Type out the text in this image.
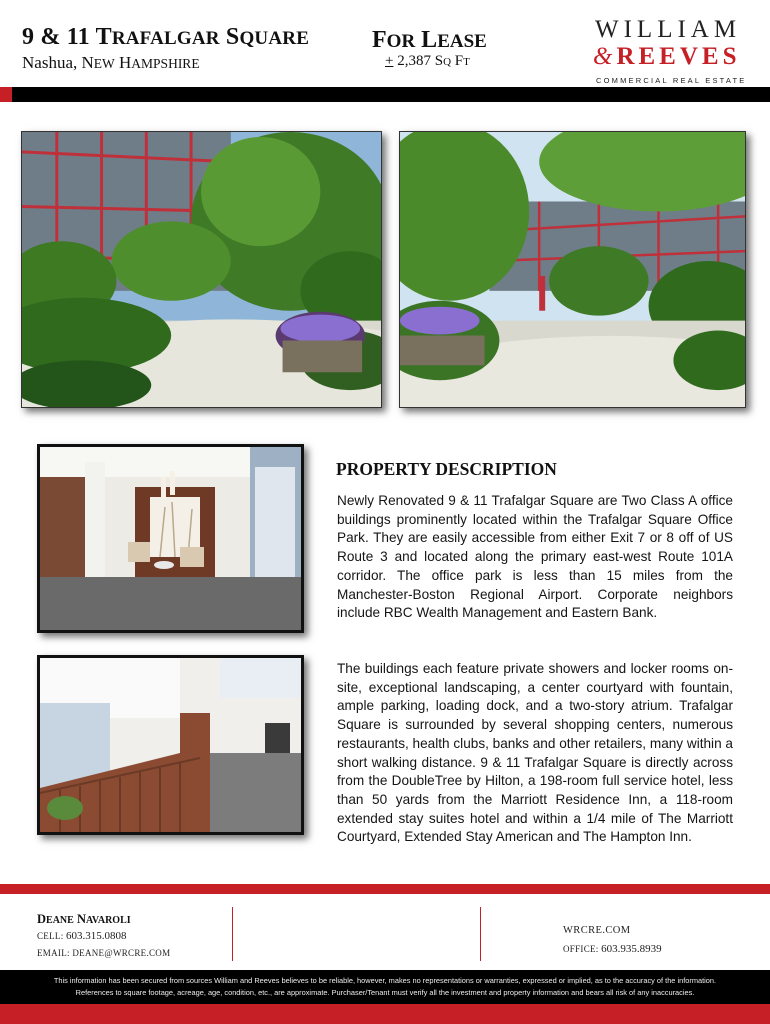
9 & 11 TRAFALGAR SQUARE
Nashua, NEW HAMPSHIRE
FOR LEASE
+ 2,387 SQ FT
WILLIAM
&REEVES
COMMERCIAL REAL ESTATE
PROPERTY DESCRIPTION

Newly Renovated 9 & 11 Trafalgar Square are Two Class A office buildings prominently located within the Trafalgar Square Office Park. They are easily accessible from either Exit 7 or 8 off of US Route 3 and located along the primary east-west Route 101A corridor. The office park is less than 15 miles from the Manchester-Boston Regional Airport. Corporate neighbors include RBC Wealth Management and Eastern Bank.

The buildings each feature private showers and locker rooms on-site, exceptional landscaping, a center courtyard with fountain, ample parking, loading dock, and a two-story atrium. Trafalgar Square is surrounded by several shopping centers, numerous restaurants, health clubs, banks and other retailers, many within a short walking distance. 9 & 11 Trafalgar Square is directly across from the DoubleTree by Hilton, a 198-room full service hotel, less than 50 yards from the Marriott Residence Inn, a 118-room extended stay suites hotel and within a 1/4 mile of The Marriott Courtyard, Extended Stay American and The Hampton Inn.

DEANE NAVAROLI
CELL: 603.315.0808
EMAIL: DEANE@WRCRE.COM
WRCRE.COM
OFFICE: 603.935.8939
This information has been secured from sources William and Reeves believes to be reliable, however, makes no representations or warranties, expressed or implied, as to the accuracy of the information.
References to square footage, acreage, age, condition, etc., are approximate. Purchaser/Tenant must verify all the investment and property information and bears all risk of any inaccuracies.
